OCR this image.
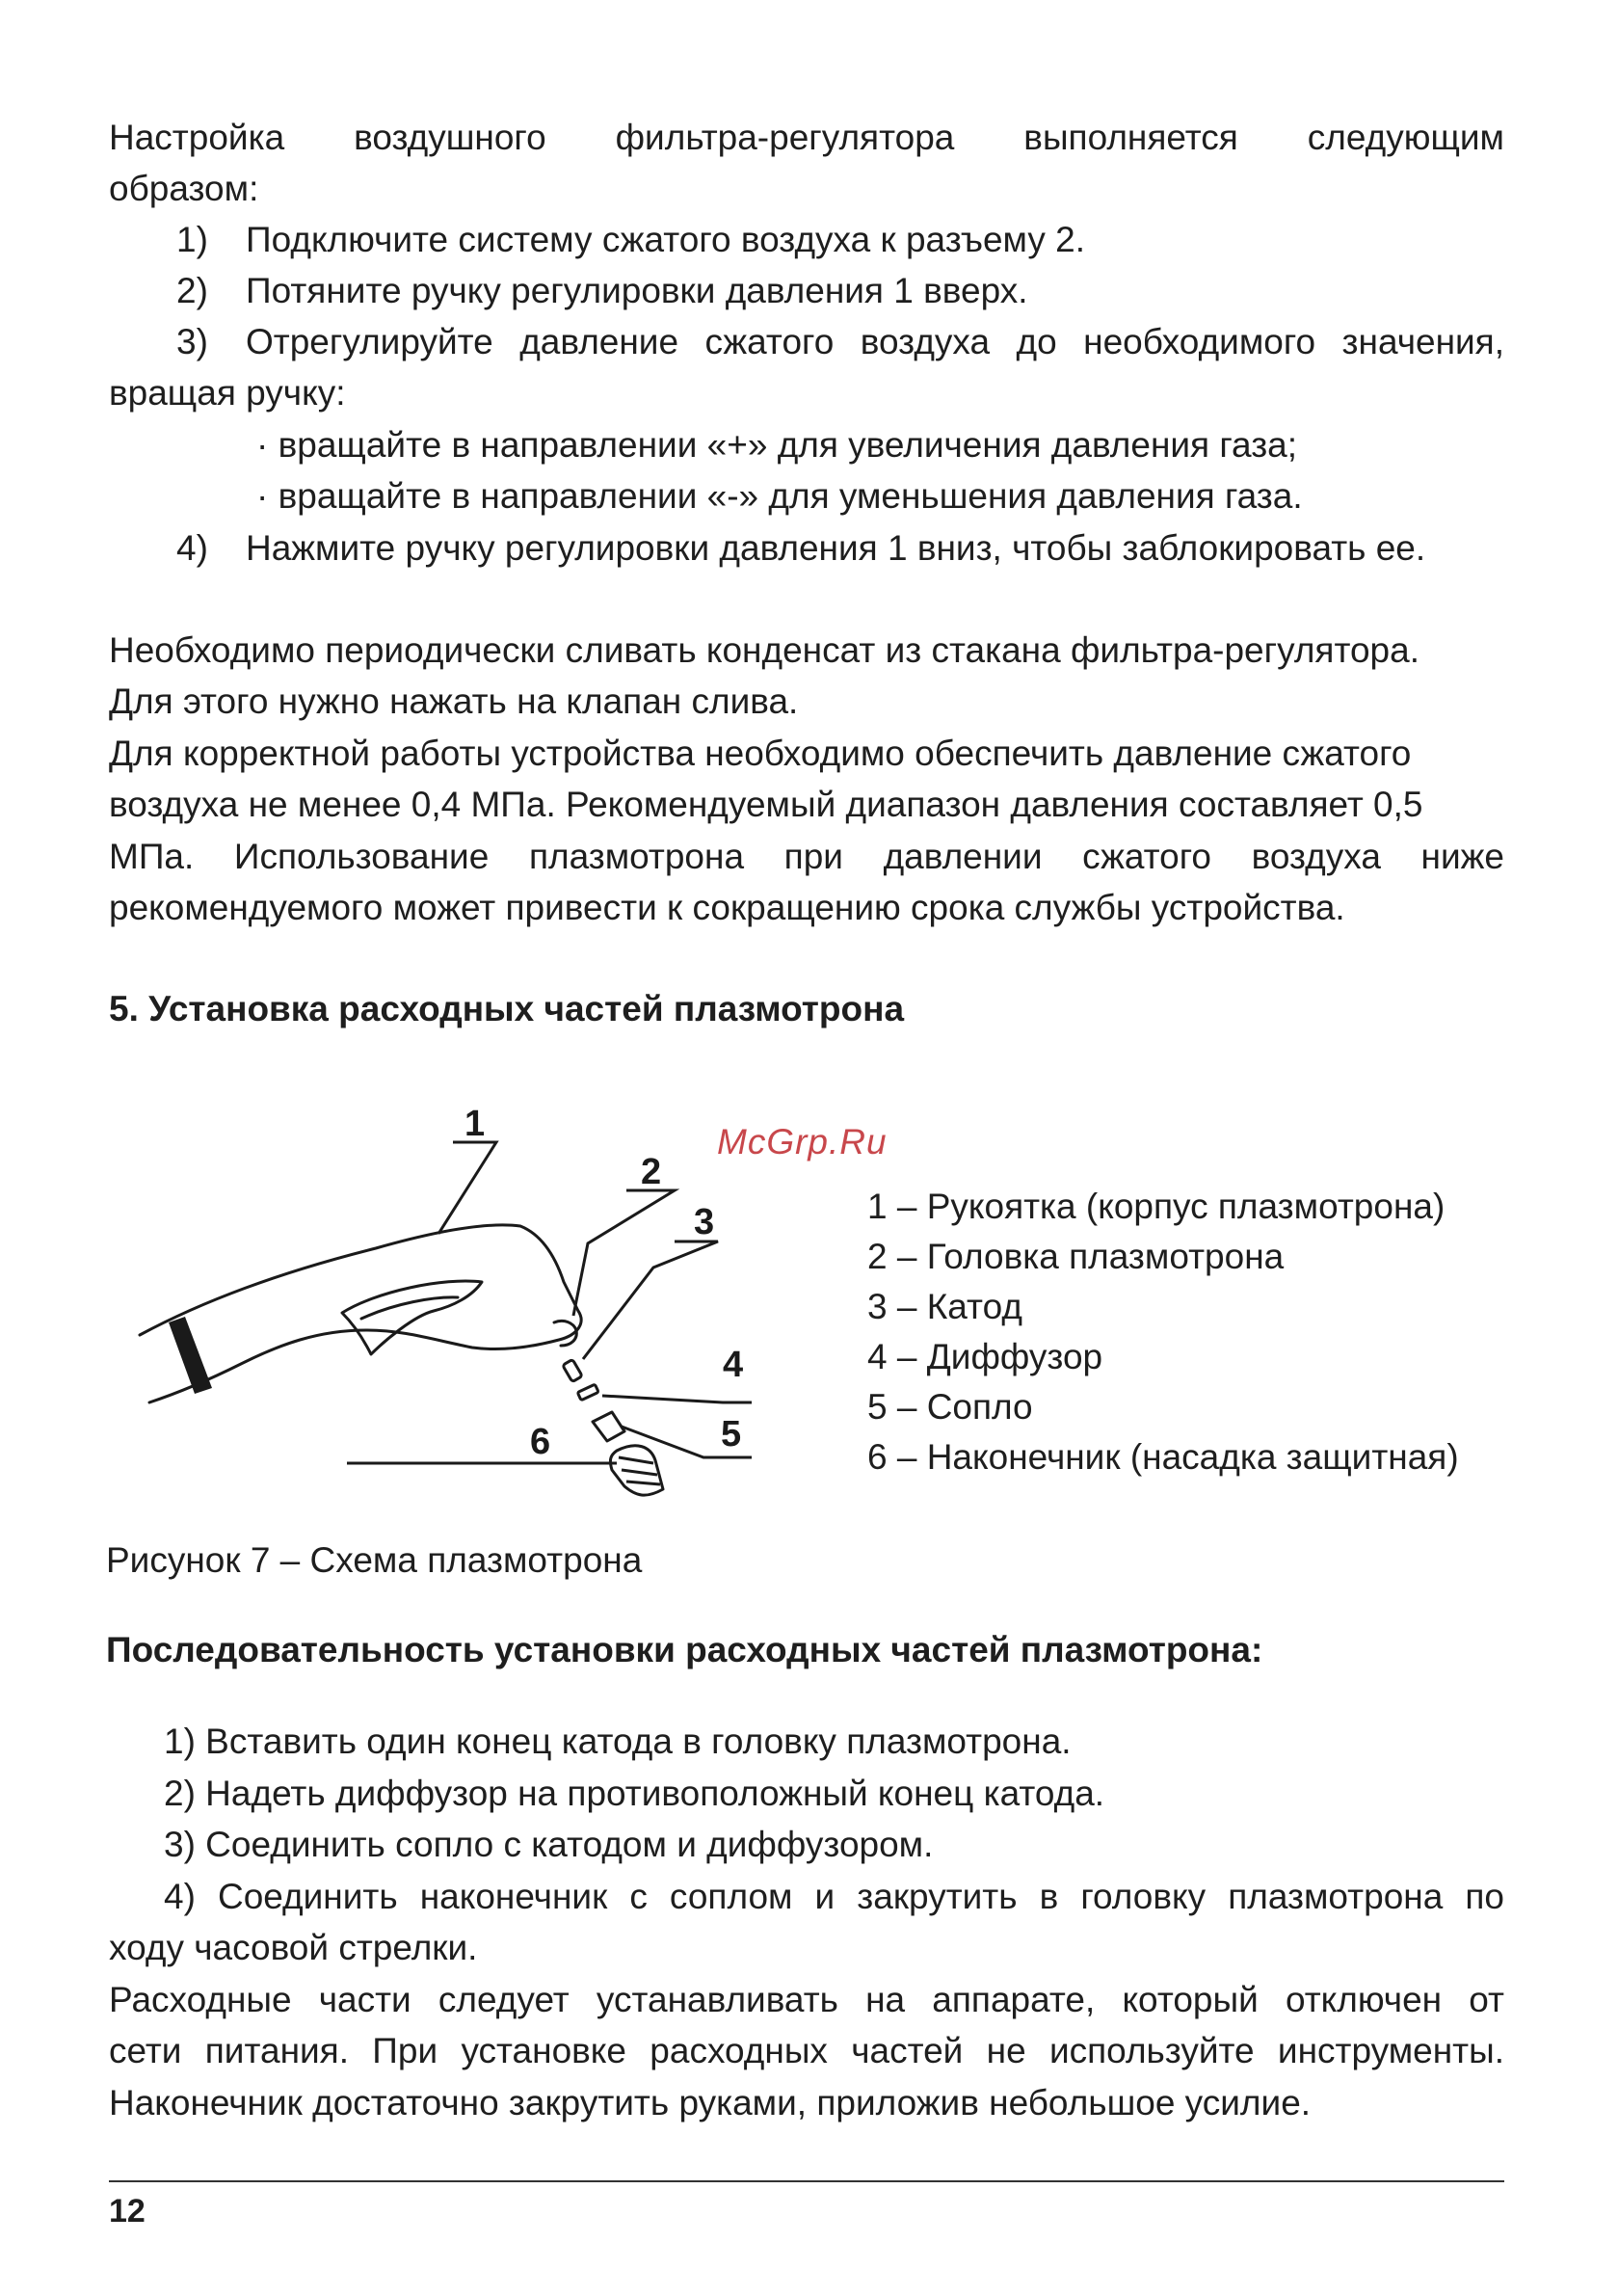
Настройка воздушного фильтра-регулятора выполняется следующим
образом:
1) Подключите систему сжатого воздуха к разъему 2.
2) Потяните ручку регулировки давления 1 вверх.
3) Отрегулируйте давление сжатого воздуха до необходимого значения,
вращая ручку:
· вращайте в направлении «+» для увеличения давления газа;
· вращайте в направлении «-» для уменьшения давления газа.
4) Нажмите ручку регулировки давления 1 вниз, чтобы заблокировать ее.
Необходимо периодически сливать конденсат из стакана фильтра-регулятора.
Для этого нужно нажать на клапан слива.
Для корректной работы устройства необходимо обеспечить давление сжатого
воздуха не менее 0,4 МПа. Рекомендуемый диапазон давления составляет 0,5
МПа. Использование плазмотрона при давлении сжатого воздуха ниже
рекомендуемого может привести к сокращению срока службы устройства.
5. Установка расходных частей плазмотрона
McGrp.Ru
1
2
3
4
5
6
1 – Рукоятка (корпус плазмотрона)
2 – Головка плазмотрона
3 – Катод
4 – Диффузор
5 – Сопло
6 – Наконечник (насадка защитная)
Рисунок 7 – Схема плазмотрона
Последовательность установки расходных частей плазмотрона:
1) Вставить один конец катода в головку плазмотрона.
2) Надеть диффузор на противоположный конец катода.
3) Соединить сопло с катодом и диффузором.
4) Соединить наконечник с соплом и закрутить в головку плазмотрона по
ходу часовой стрелки.
Расходные части следует устанавливать на аппарате, который отключен от
сети питания. При установке расходных частей не используйте инструменты.
Наконечник достаточно закрутить руками, приложив небольшое усилие.
12
